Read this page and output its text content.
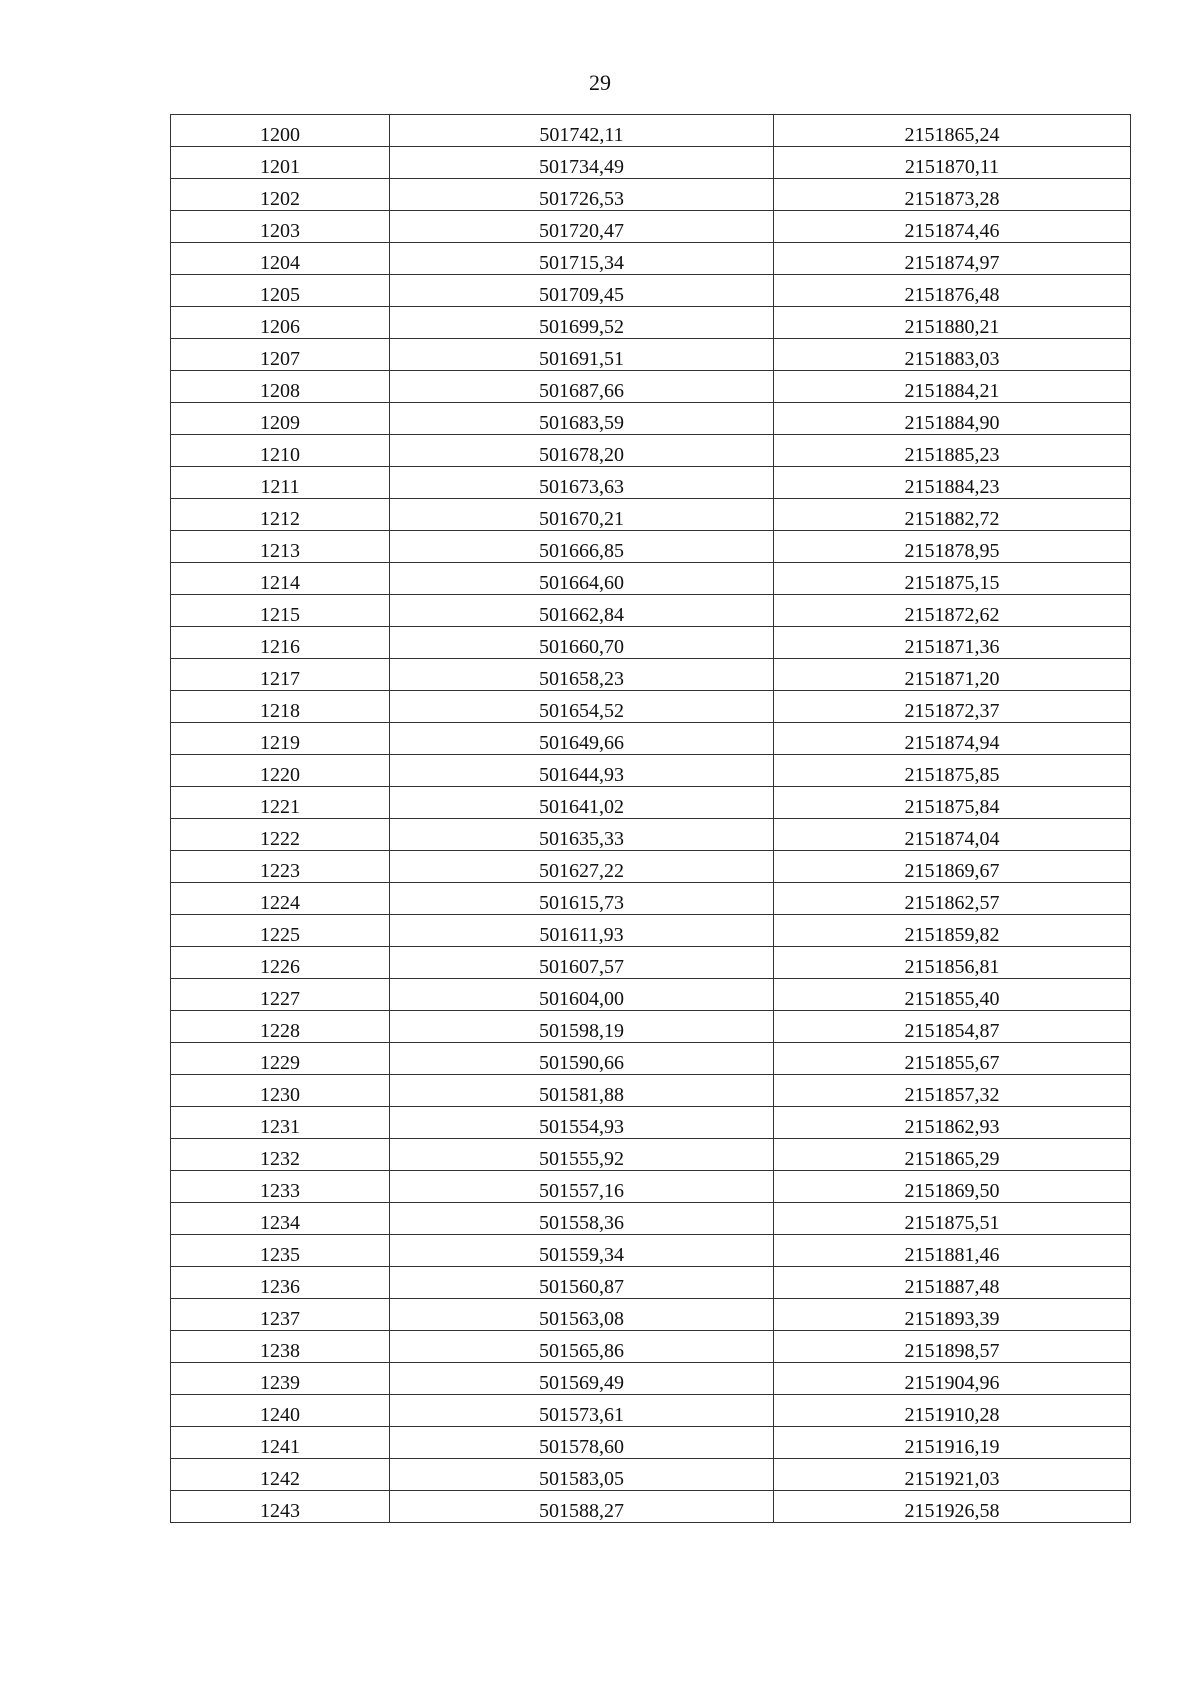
29
1200	501742,11	2151865,24
1201	501734,49	2151870,11
1202	501726,53	2151873,28
1203	501720,47	2151874,46
1204	501715,34	2151874,97
1205	501709,45	2151876,48
1206	501699,52	2151880,21
1207	501691,51	2151883,03
1208	501687,66	2151884,21
1209	501683,59	2151884,90
1210	501678,20	2151885,23
1211	501673,63	2151884,23
1212	501670,21	2151882,72
1213	501666,85	2151878,95
1214	501664,60	2151875,15
1215	501662,84	2151872,62
1216	501660,70	2151871,36
1217	501658,23	2151871,20
1218	501654,52	2151872,37
1219	501649,66	2151874,94
1220	501644,93	2151875,85
1221	501641,02	2151875,84
1222	501635,33	2151874,04
1223	501627,22	2151869,67
1224	501615,73	2151862,57
1225	501611,93	2151859,82
1226	501607,57	2151856,81
1227	501604,00	2151855,40
1228	501598,19	2151854,87
1229	501590,66	2151855,67
1230	501581,88	2151857,32
1231	501554,93	2151862,93
1232	501555,92	2151865,29
1233	501557,16	2151869,50
1234	501558,36	2151875,51
1235	501559,34	2151881,46
1236	501560,87	2151887,48
1237	501563,08	2151893,39
1238	501565,86	2151898,57
1239	501569,49	2151904,96
1240	501573,61	2151910,28
1241	501578,60	2151916,19
1242	501583,05	2151921,03
1243	501588,27	2151926,58
